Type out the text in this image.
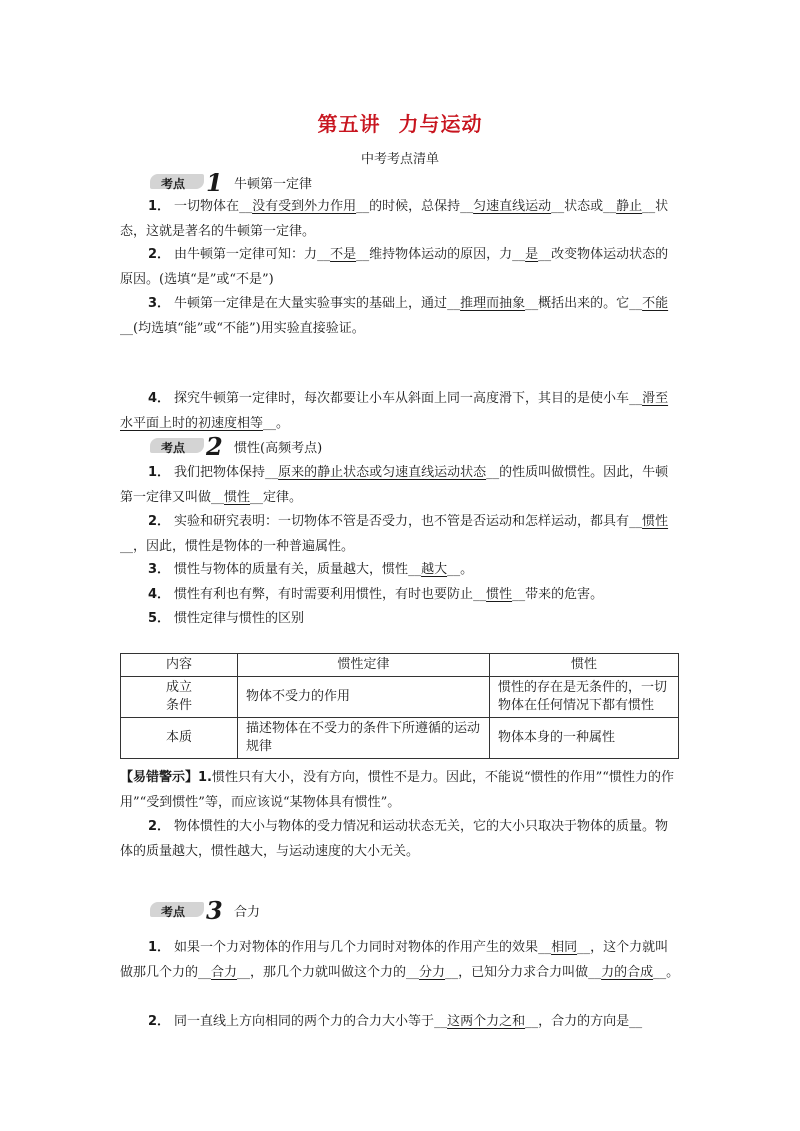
第五讲 力与运动
中考考点清单
考点 1 牛顿第一定律
1． 一切物体在__没有受到外力作用__的时候，总保持__匀速直线运动__状态或__静止__状态，这就是著名的牛顿第一定律。
2． 由牛顿第一定律可知：力__不是__维持物体运动的原因，力__是__改变物体运动状态的原因。(选填“是”或“不是”)
3． 牛顿第一定律是在大量实验事实的基础上，通过__推理而抽象__概括出来的。它__不能__(均选填“能”或“不能”)用实验直接验证。
4． 探究牛顿第一定律时，每次都要让小车从斜面上同一高度滑下，其目的是使小车__滑至水平面上时的初速度相等__。
考点 2 惯性(高频考点)
1． 我们把物体保持__原来的静止状态或匀速直线运动状态__的性质叫做惯性。因此，牛顿第一定律又叫做__惯性__定律。
2． 实验和研究表明：一切物体不管是否受力，也不管是否运动和怎样运动，都具有__惯性__，因此，惯性是物体的一种普遍属性。
3． 惯性与物体的质量有关，质量越大，惯性__越大__。
4． 惯性有利也有弊，有时需要利用惯性，有时也要防止__惯性__带来的危害。
5． 惯性定律与惯性的区别
内容	惯性定律	惯性
成立条件	物体不受力的作用	惯性的存在是无条件的，一切物体在任何情况下都有惯性
本质	描述物体在不受力的条件下所遵循的运动规律	物体本身的一种属性
【易错警示】1.惯性只有大小，没有方向，惯性不是力。因此，不能说“惯性的作用”“惯性力的作用”“受到惯性”等，而应该说“某物体具有惯性”。
2． 物体惯性的大小与物体的受力情况和运动状态无关，它的大小只取决于物体的质量。物体的质量越大，惯性越大，与运动速度的大小无关。
考点 3 合力
1． 如果一个力对物体的作用与几个力同时对物体的作用产生的效果__相同__，这个力就叫做那几个力的__合力__，那几个力就叫做这个力的__分力__，已知分力求合力叫做__力的合成__。
2． 同一直线上方向相同的两个力的合力大小等于__这两个力之和__，合力的方向是__
